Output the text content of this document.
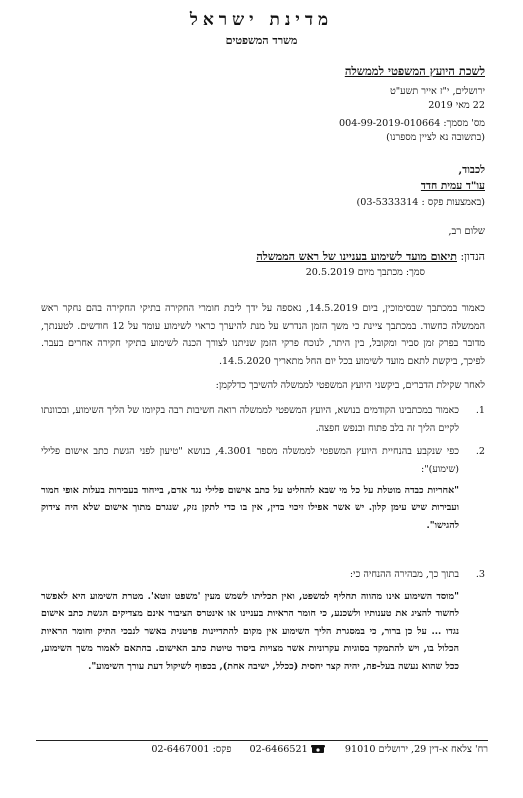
מדינת ישראל
משרד המשפטים
לשכת היועץ המשפטי לממשלה
ירושלים, י"ז אייר תשע"ט
22 מאי 2019
מס' מסמך: 004-99-2019-010664
(בתשובה נא לציין מספרנו)
לכבוד,
עו"ד עמית חדד
(באמצעות פקס : 03-5333314)
שלום רב,
הנדון: תיאום מועד לשימוע בעניינו של ראש הממשלה
סמך: מכתבך מיום 20.5.2019
כאמור במכתבך שבסימוכין, ביום 14.5.2019, נאספה על ידך ליבת חומרי החקירה בתיקי החקירה בהם נחקר ראש הממשלה כחשוד. במכתבך ציינת כי משך הזמן הנדרש על מנת להיערך כראוי לשימוע עומד על 12 חודשים. לטענתך, מדובר בפרק זמן סביר ומקובל, בין היתר, לנוכח פרקי הזמן שניתנו לצורך הכנה לשימוע בתיקי חקירה אחרים בעבר. לפיכך, ביקשת לתאם מועד לשימוע בכל יום החל מתאריך 14.5.2020.
לאחר שקילת הדברים, ביקשני היועץ המשפטי לממשלה להשיבך כדלקמן:
1.
כאמור במכתבינו הקודמים בנושא, היועץ המשפטי לממשלה רואה חשיבות רבה בקיומו של הליך השימוע, ובכוונתו לקיים הליך זה בלב פתוח ובנפש חפצה.
2.
כפי שנקבע בהנחיית היועץ המשפטי לממשלה מספר 4.3001, בנושא "טיעון לפני הגשת כתב אישום פלילי (שימוע)":
"אחריות כבדה מוטלת על כל מי שבא להחליט על כתב אישום פלילי נגד אדם, בייחוד בעבירות בעלות אופי חמור ועבירות שיש עימן קלון. יש אשר אפילו זיכוי בדין, אין בו כדי לתקן נזק, שנגרם מתוך אישום שלא היה צידוק להגישו".
3.
בתוך כך, מבהירה ההנחיה כי:
"מוסד השימוע אינו מהווה תחליף למשפט, ואין תכליתו לשמש מעין 'משפט זוטא'. מטרת השימוע היא לאפשר לחשוד להציג את טענותיו ולשכנע, כי חומר הראיות בעניינו או אינטרס הציבור אינם מצדיקים הגשת כתב אישום נגדו ... על כן ברור, כי במסגרת הליך השימוע אין מקום להתדיינות פרטנית באשר לנבכי התיק וחומר הראיות הכלול בו, ויש להתמקד בסוגיות עקרוניות אשר מצויות ביסוד טיוטת כתב האישום. בהתאם לאמור משך השימוע, ככל שהוא נעשה בעל-פה, יהיה קצר יחסית (ככלל, ישיבה אחת), בכפוף לשיקול דעת עורך השימוע".
רח' צלאח א-דין 29, ירושלים 91010   02-6466521  פקס: 02-6467001
